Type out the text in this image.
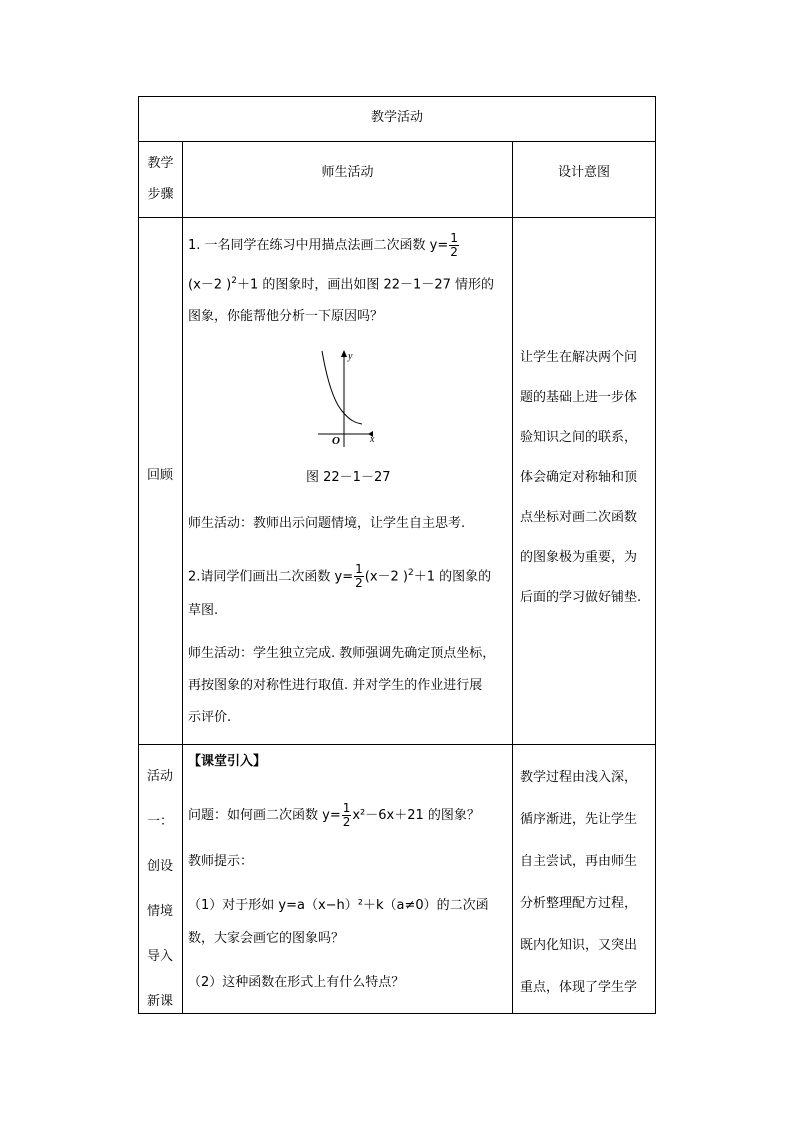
教学活动
教学步骤
师生活动	设计意图
回顾
1. 一名同学在练习中用描点法画二次函数 $y= \frac{1}{2}$
(x－2 )$^2$＋1 的图象时，画出如图 22－1－27 情形的
图象，你能帮他分析一下原因吗？
y
x
O
图 22－1－27
师生活动：教师出示问题情境，让学生自主思考.
2.请同学们画出二次函数 $y= \frac{1}{2} (x-2$ )$^2$＋1 的图象的
草图.
师生活动：学生独立完成. 教师强调先确定顶点坐标，
再按图象的对称性进行取值. 并对学生的作业进行展
示评价.
让学生在解决两个问
题的基础上进一步体
验知识之间的联系，
体会确定对称轴和顶
点坐标对画二次函数
的图象极为重要，为
后面的学习做好铺垫.
活动
一：
创设
情境
导入
新课
【课堂引入】
问题：如何画二次函数 $y= \frac{1}{2} x^2-6x+21$ 的图象？
教师提示：
（1）对于形如 y=a（x−h）²＋k（a≠0）的二次函
数，大家会画它的图象吗？
（2）这种函数在形式上有什么特点？
教学过程由浅入深，
循序渐进，先让学生
自主尝试，再由师生
分析整理配方过程，
既内化知识，又突出
重点，体现了学生学
